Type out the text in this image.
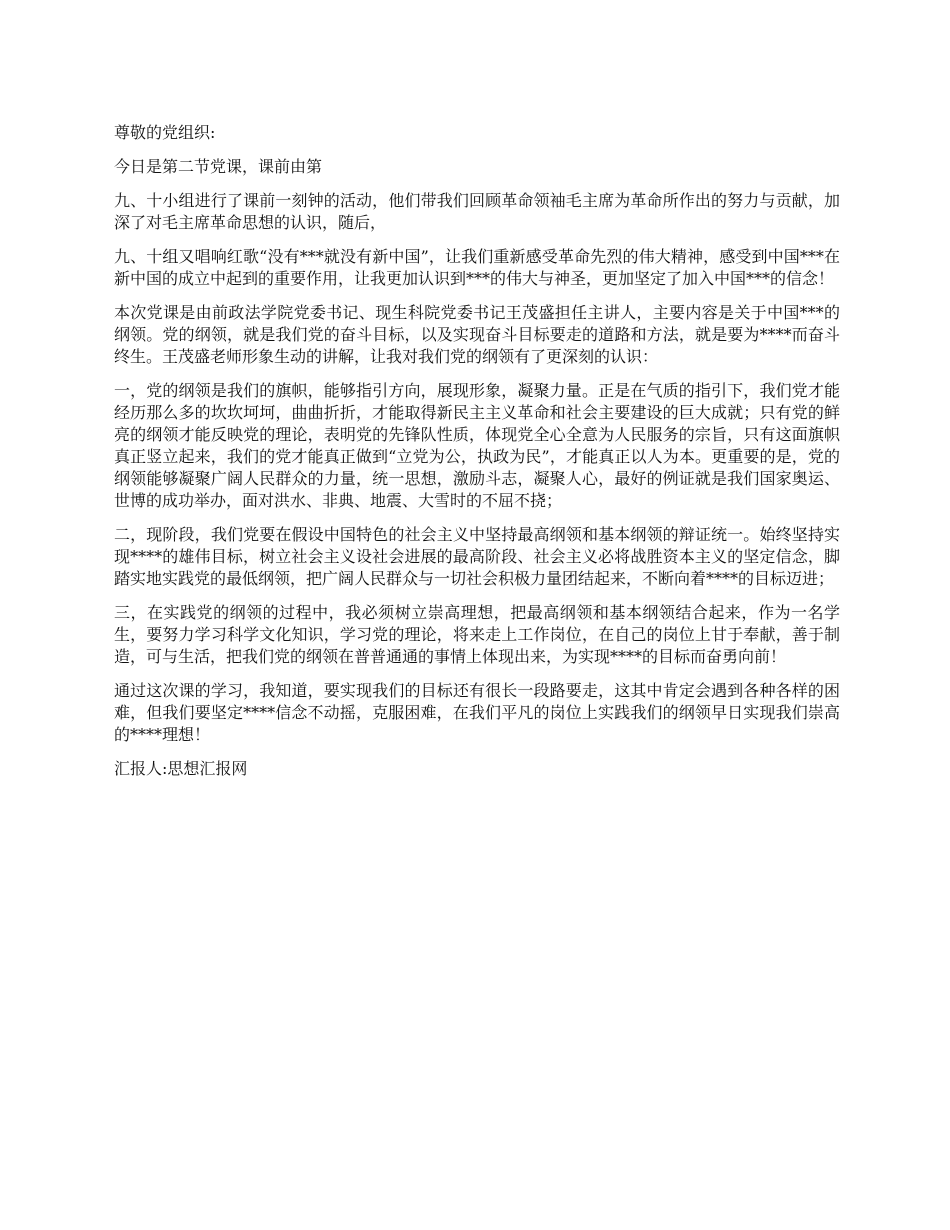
尊敬的党组织:

今日是第二节党课，课前由第

九、十小组进行了课前一刻钟的活动，他们带我们回顾革命领袖毛主席为革命所作出的努力与贡献，加深了对毛主席革命思想的认识，随后，

九、十组又唱响红歌“没有***就没有新中国”，让我们重新感受革命先烈的伟大精神，感受到中国***在新中国的成立中起到的重要作用，让我更加认识到***的伟大与神圣，更加坚定了加入中国***的信念！

本次党课是由前政法学院党委书记、现生科院党委书记王茂盛担任主讲人，主要内容是关于中国***的纲领。党的纲领，就是我们党的奋斗目标，以及实现奋斗目标要走的道路和方法，就是要为****而奋斗终生。王茂盛老师形象生动的讲解，让我对我们党的纲领有了更深刻的认识：

一，党的纲领是我们的旗帜，能够指引方向，展现形象，凝聚力量。正是在气质的指引下，我们党才能经历那么多的坎坎坷坷，曲曲折折，才能取得新民主主义革命和社会主要建设的巨大成就；只有党的鲜亮的纲领才能反映党的理论，表明党的先锋队性质，体现党全心全意为人民服务的宗旨，只有这面旗帜真正竖立起来，我们的党才能真正做到“立党为公，执政为民”，才能真正以人为本。更重要的是，党的纲领能够凝聚广阔人民群众的力量，统一思想，激励斗志，凝聚人心，最好的例证就是我们国家奥运、世博的成功举办，面对洪水、非典、地震、大雪时的不屈不挠；

二，现阶段，我们党要在假设中国特色的社会主义中坚持最高纲领和基本纲领的辩证统一。始终坚持实现****的雄伟目标，树立社会主义设社会进展的最高阶段、社会主义必将战胜资本主义的坚定信念，脚踏实地实践党的最低纲领，把广阔人民群众与一切社会积极力量团结起来，不断向着****的目标迈进；

三，在实践党的纲领的过程中，我必须树立崇高理想，把最高纲领和基本纲领结合起来，作为一名学生，要努力学习科学文化知识，学习党的理论，将来走上工作岗位，在自己的岗位上甘于奉献，善于制造，可与生活，把我们党的纲领在普普通通的事情上体现出来，为实现****的目标而奋勇向前！

通过这次课的学习，我知道，要实现我们的目标还有很长一段路要走，这其中肯定会遇到各种各样的困难，但我们要坚定****信念不动摇，克服困难，在我们平凡的岗位上实践我们的纲领早日实现我们崇高的****理想！

汇报人:思想汇报网
